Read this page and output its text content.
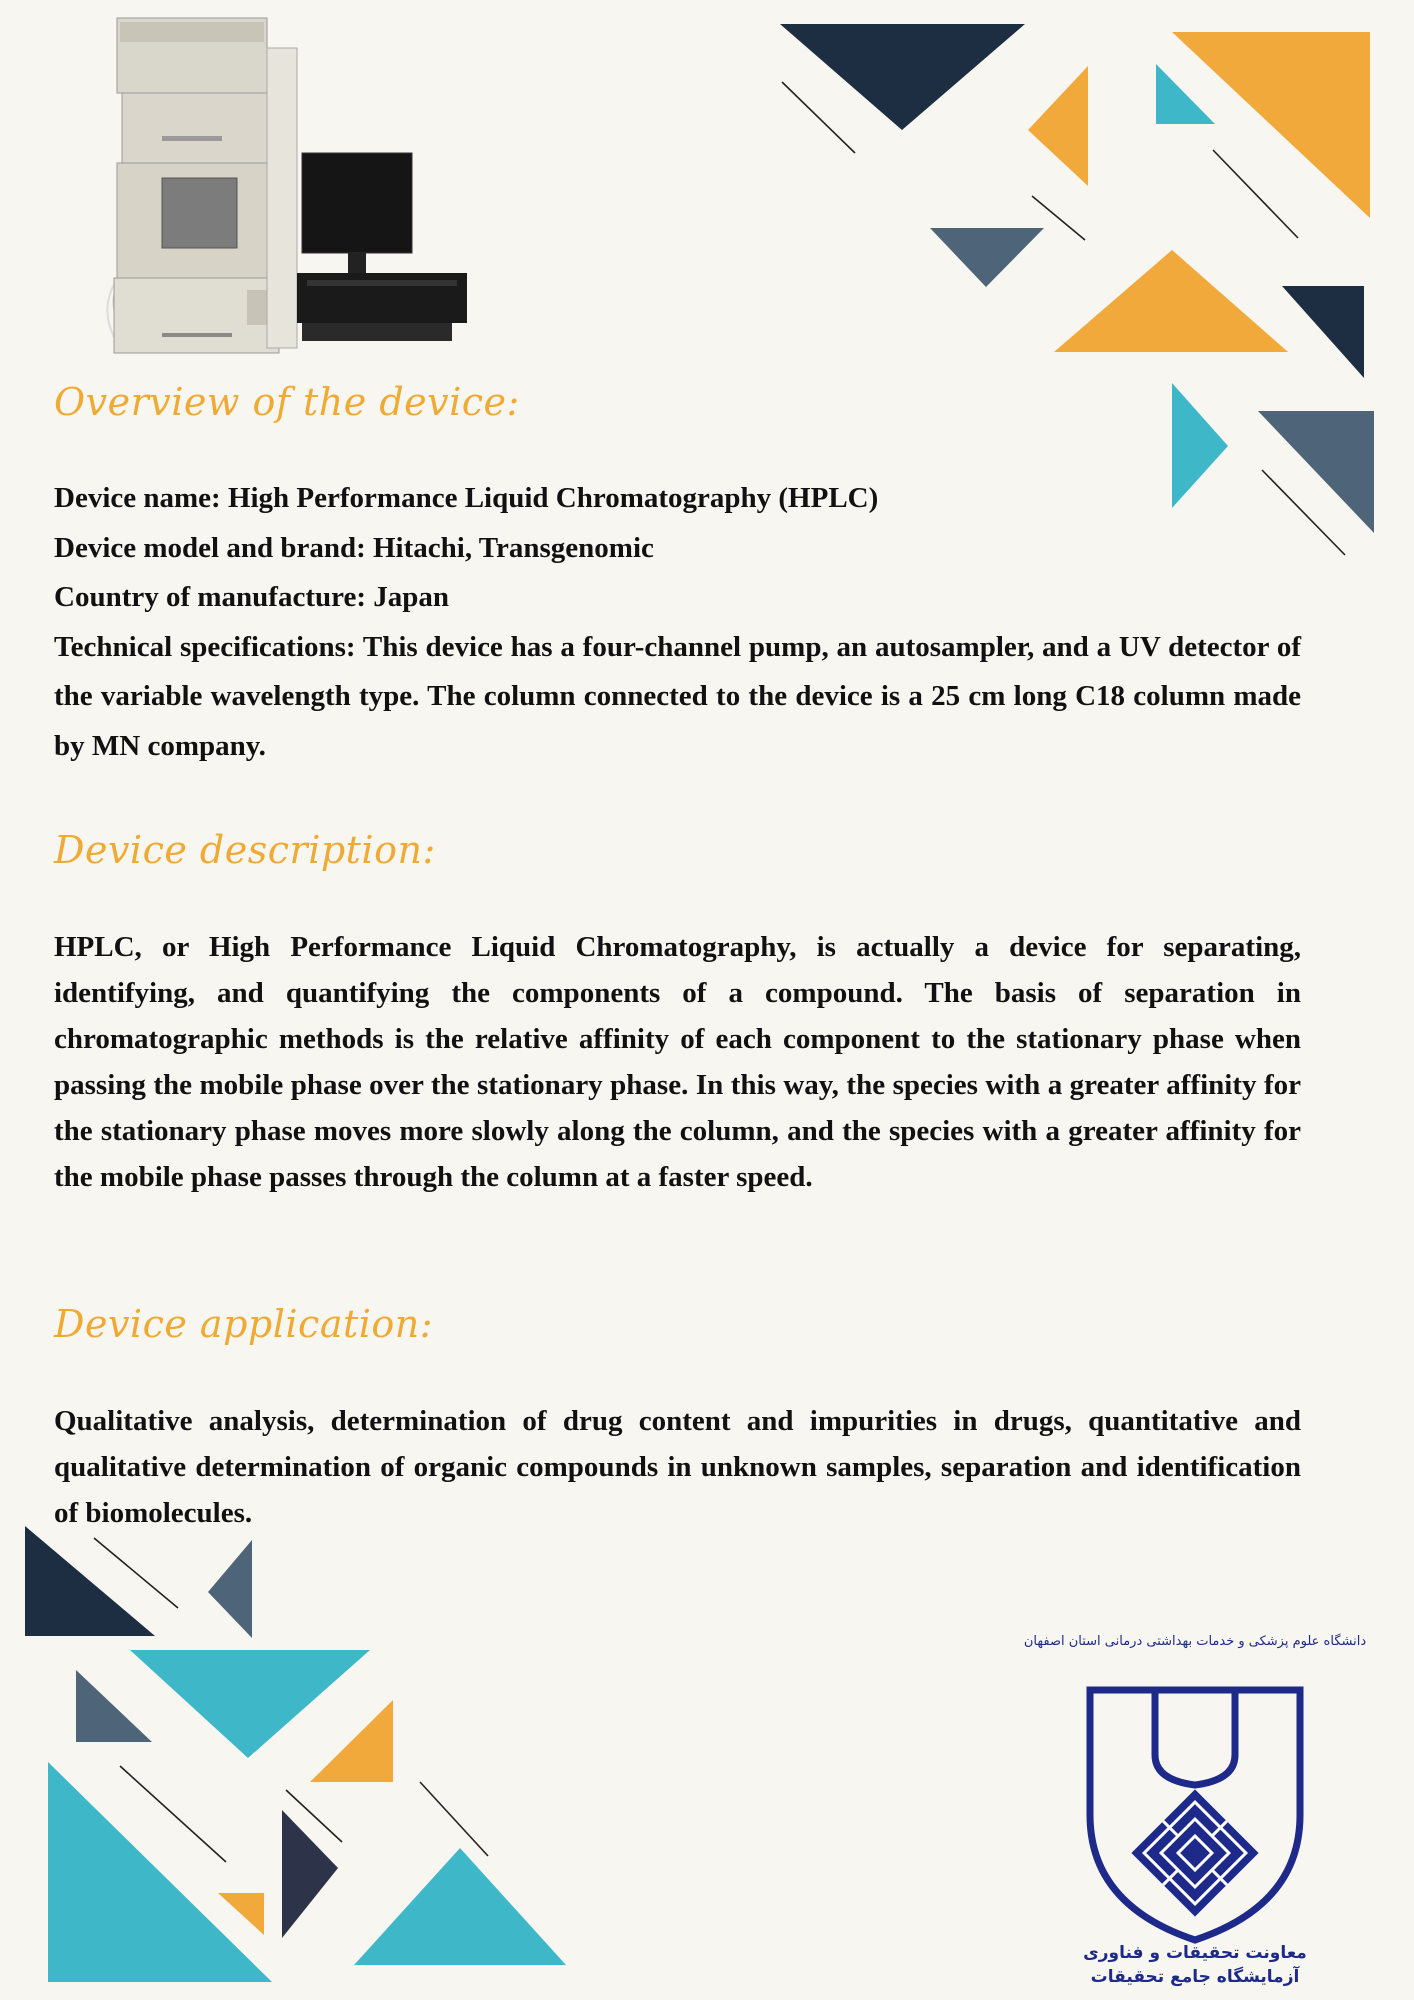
Overview of the device:

Device name: High Performance Liquid Chromatography (HPLC)

Device model and brand: Hitachi, Transgenomic

Country of manufacture: Japan

Technical specifications: This device has a four-channel pump, an autosampler, and a UV detector of the variable wavelength type. The column connected to the device is a 25 cm long C18 column made by MN company.

Device description:

HPLC, or High Performance Liquid Chromatography, is actually a device for separating, identifying, and quantifying the components of a compound. The basis of separation in chromatographic methods is the relative affinity of each component to the stationary phase when passing the mobile phase over the stationary phase. In this way, the species with a greater affinity for the stationary phase moves more slowly along the column, and the species with a greater affinity for the mobile phase passes through the column at a faster speed.

Device application:

Qualitative analysis, determination of drug content and impurities in drugs, quantitative and qualitative determination of organic compounds in unknown samples, separation and identification of biomolecules.

دانشگاه علوم پزشکی و خدمات بهداشتی درمانی استان اصفهان
معاونت تحقیقات و فناوری
آزمایشگاه جامع تحقیقات
